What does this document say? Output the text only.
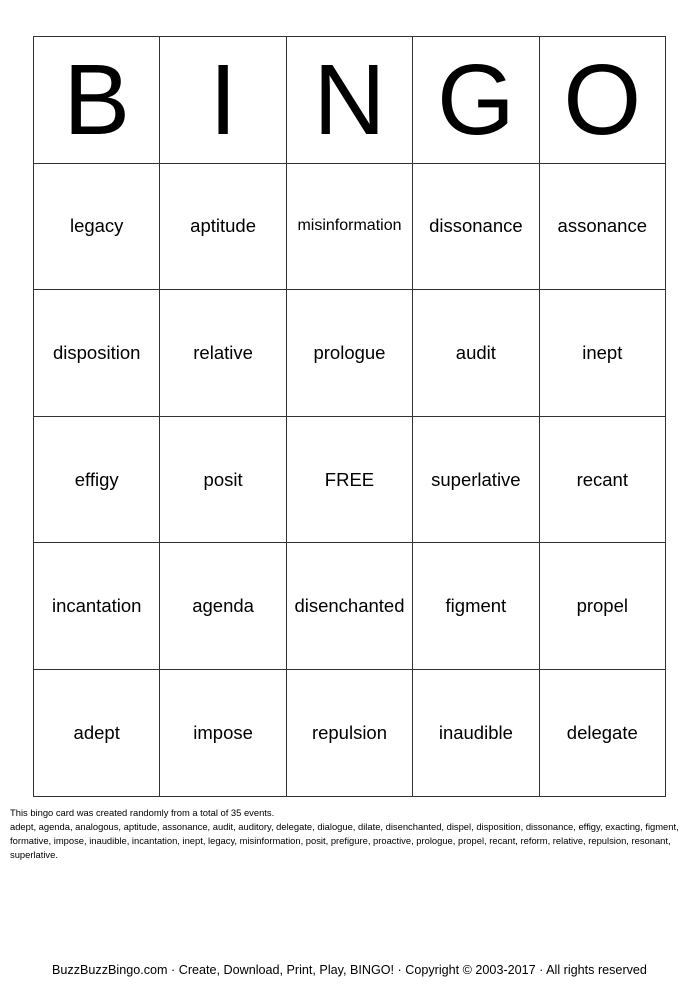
B	I	N	G	O
legacy	aptitude	misinformation	dissonance	assonance
disposition	relative	prologue	audit	inept
effigy	posit	FREE	superlative	recant
incantation	agenda	disenchanted	figment	propel
adept	impose	repulsion	inaudible	delegate

This bingo card was created randomly from a total of 35 events.

adept, agenda, analogous, aptitude, assonance, audit, auditory, delegate, dialogue, dilate, disenchanted, dispel, disposition, dissonance, effigy, exacting, figment, formative, impose, inaudible, incantation, inept, legacy, misinformation, posit, prefigure, proactive, prologue, propel, recant, reform, relative, repulsion, resonant, superlative.

BuzzBuzzBingo.com · Create, Download, Print, Play, BINGO! · Copyright © 2003-2017 · All rights reserved
